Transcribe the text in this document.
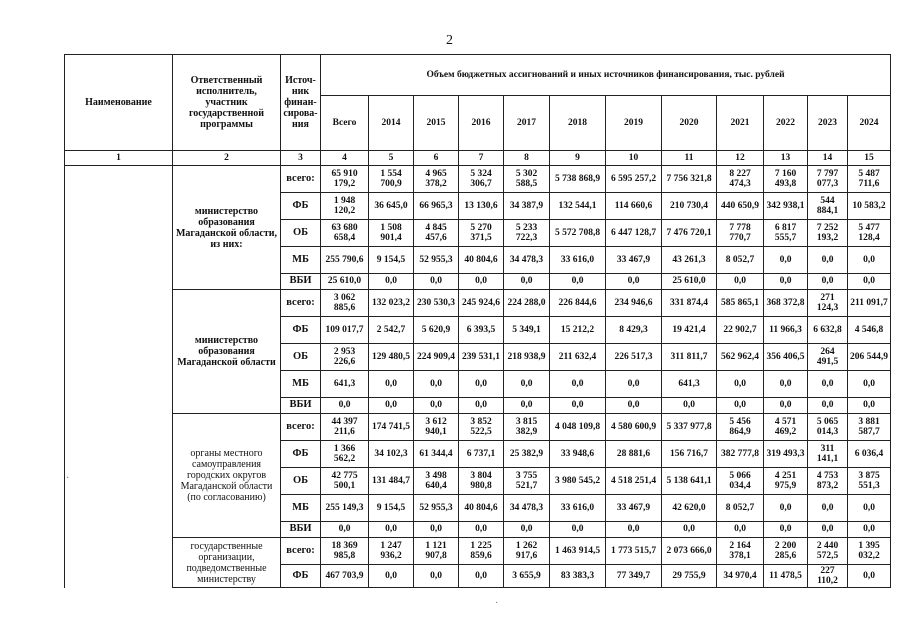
2
Наименование	Ответственный исполнитель, участник государственной программы	Источ-ник финан-сирова-ния	Объем бюджетных ассигнований и иных источников финансирования, тыс. рублей											
			Всего	2014	2015	2016	2017	2018	2019	2020	2021	2022	2023	2024
1	2	3	4	5	6	7	8	9	10	11	12	13	14	15
	министерство образования Магаданской области, из них:	всего:	65 910 179,2	1 554 700,9	4 965 378,2	5 324 306,7	5 302 588,5	5 738 868,9	6 595 257,2	7 756 321,8	8 227 474,3	7 160 493,8	7 797 077,3	5 487 711,6
		ФБ	1 948 120,2	36 645,0	66 965,3	13 130,6	34 387,9	132 544,1	114 660,6	210 730,4	440 650,9	342 938,1	544 884,1	10 583,2
		ОБ	63 680 658,4	1 508 901,4	4 845 457,6	5 270 371,5	5 233 722,3	5 572 708,8	6 447 128,7	7 476 720,1	7 778 770,7	6 817 555,7	7 252 193,2	5 477 128,4
		МБ	255 790,6	9 154,5	52 955,3	40 804,6	34 478,3	33 616,0	33 467,9	43 261,3	8 052,7	0,0	0,0	0,0
		ВБИ	25 610,0	0,0	0,0	0,0	0,0	0,0	0,0	25 610,0	0,0	0,0	0,0	0,0
	министерство образования Магаданской области	всего:	3 062 885,6	132 023,2	230 530,3	245 924,6	224 288,0	226 844,6	234 946,6	331 874,4	585 865,1	368 372,8	271 124,3	211 091,7
		ФБ	109 017,7	2 542,7	5 620,9	6 393,5	5 349,1	15 212,2	8 429,3	19 421,4	22 902,7	11 966,3	6 632,8	4 546,8
		ОБ	2 953 226,6	129 480,5	224 909,4	239 531,1	218 938,9	211 632,4	226 517,3	311 811,7	562 962,4	356 406,5	264 491,5	206 544,9
		МБ	641,3	0,0	0,0	0,0	0,0	0,0	0,0	641,3	0,0	0,0	0,0	0,0
		ВБИ	0,0	0,0	0,0	0,0	0,0	0,0	0,0	0,0	0,0	0,0	0,0	0,0
	органы местного самоуправления городских округов Магаданской области (по согласованию)	всего:	44 397 211,6	174 741,5	3 612 940,1	3 852 522,5	3 815 382,9	4 048 109,8	4 580 600,9	5 337 977,8	5 456 864,9	4 571 469,2	5 065 014,3	3 881 587,7
		ФБ	1 366 562,2	34 102,3	61 344,4	6 737,1	25 382,9	33 948,6	28 881,6	156 716,7	382 777,8	319 493,3	311 141,1	6 036,4
		ОБ	42 775 500,1	131 484,7	3 498 640,4	3 804 980,8	3 755 521,7	3 980 545,2	4 518 251,4	5 138 641,1	5 066 034,4	4 251 975,9	4 753 873,2	3 875 551,3
		МБ	255 149,3	9 154,5	52 955,3	40 804,6	34 478,3	33 616,0	33 467,9	42 620,0	8 052,7	0,0	0,0	0,0
		ВБИ	0,0	0,0	0,0	0,0	0,0	0,0	0,0	0,0	0,0	0,0	0,0	0,0
	государственные организации, подведомственные министерству	всего:	18 369 985,8	1 247 936,2	1 121 907,8	1 225 859,6	1 262 917,6	1 463 914,5	1 773 515,7	2 073 666,0	2 164 378,1	2 200 285,6	2 440 572,5	1 395 032,2
		ФБ	467 703,9	0,0	0,0	0,0	3 655,9	83 383,3	77 349,7	29 755,9	34 970,4	11 478,5	227 110,2	0,0
·
·
